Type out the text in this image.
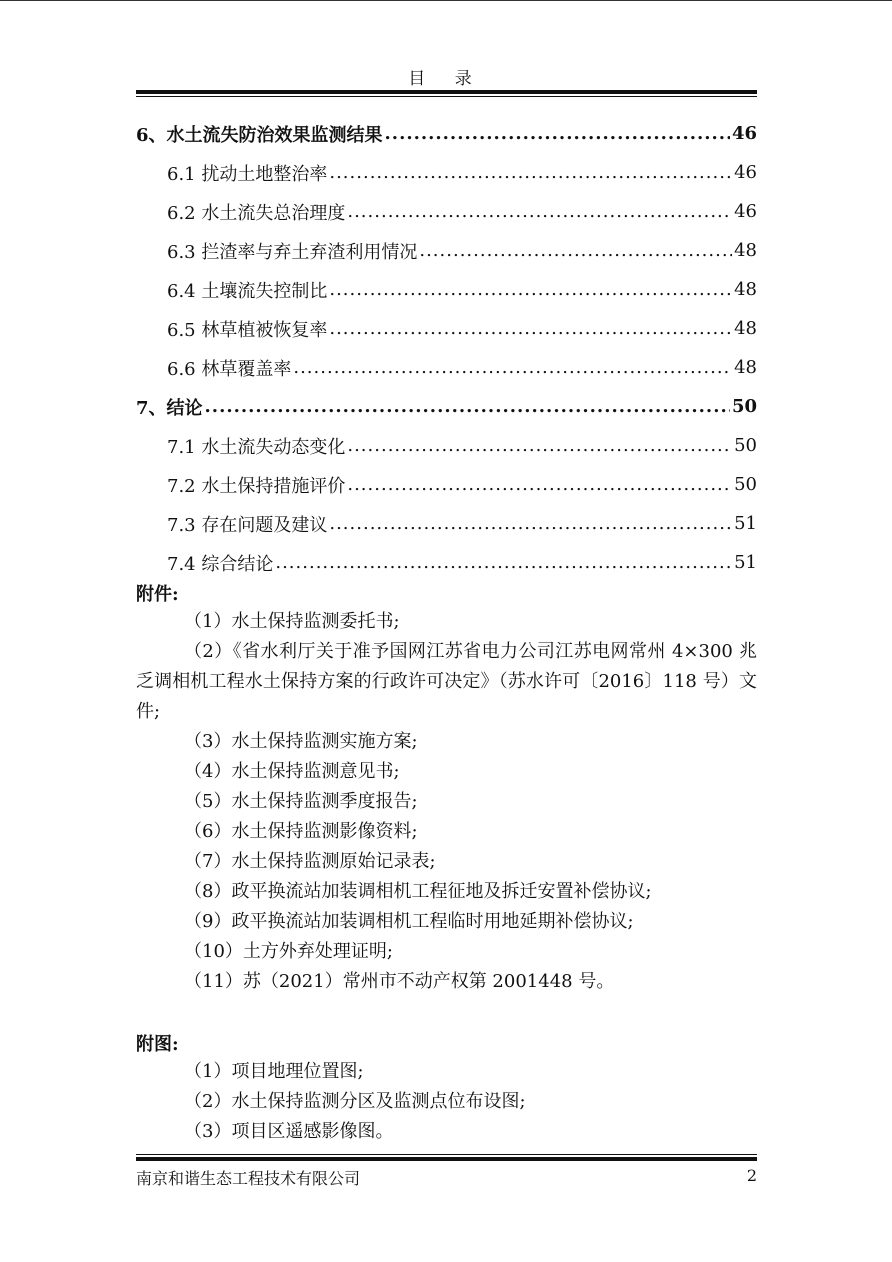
目 录
6、水土流失防治效果监测结果 .....	46
6.1 扰动土地整治率 .....	46
6.2 水土流失总治理度 .....	46
6.3 拦渣率与弃土弃渣利用情况 .....	48
6.4 土壤流失控制比 .....	48
6.5 林草植被恢复率 .....	48
6.6 林草覆盖率 .....	48
7、结论 .....	50
7.1 水土流失动态变化 .....	50
7.2 水土保持措施评价 .....	50
7.3 存在问题及建议 .....	51
7.4 综合结论 .....	51
附件:
（1）水土保持监测委托书;
（2）《省水利厅关于准予国网江苏省电力公司江苏电网常州 4×300 兆乏调相机工程水土保持方案的行政许可决定》（苏水许可〔2016〕118 号）文件;
（3）水土保持监测实施方案;
（4）水土保持监测意见书;
（5）水土保持监测季度报告;
（6）水土保持监测影像资料;
（7）水土保持监测原始记录表;
（8）政平换流站加装调相机工程征地及拆迁安置补偿协议;
（9）政平换流站加装调相机工程临时用地延期补偿协议;
（10）土方外弃处理证明;
（11）苏（2021）常州市不动产权第 2001448 号。
附图:
（1）项目地理位置图;
（2）水土保持监测分区及监测点位布设图;
（3）项目区遥感影像图。
南京和谐生态工程技术有限公司	2
